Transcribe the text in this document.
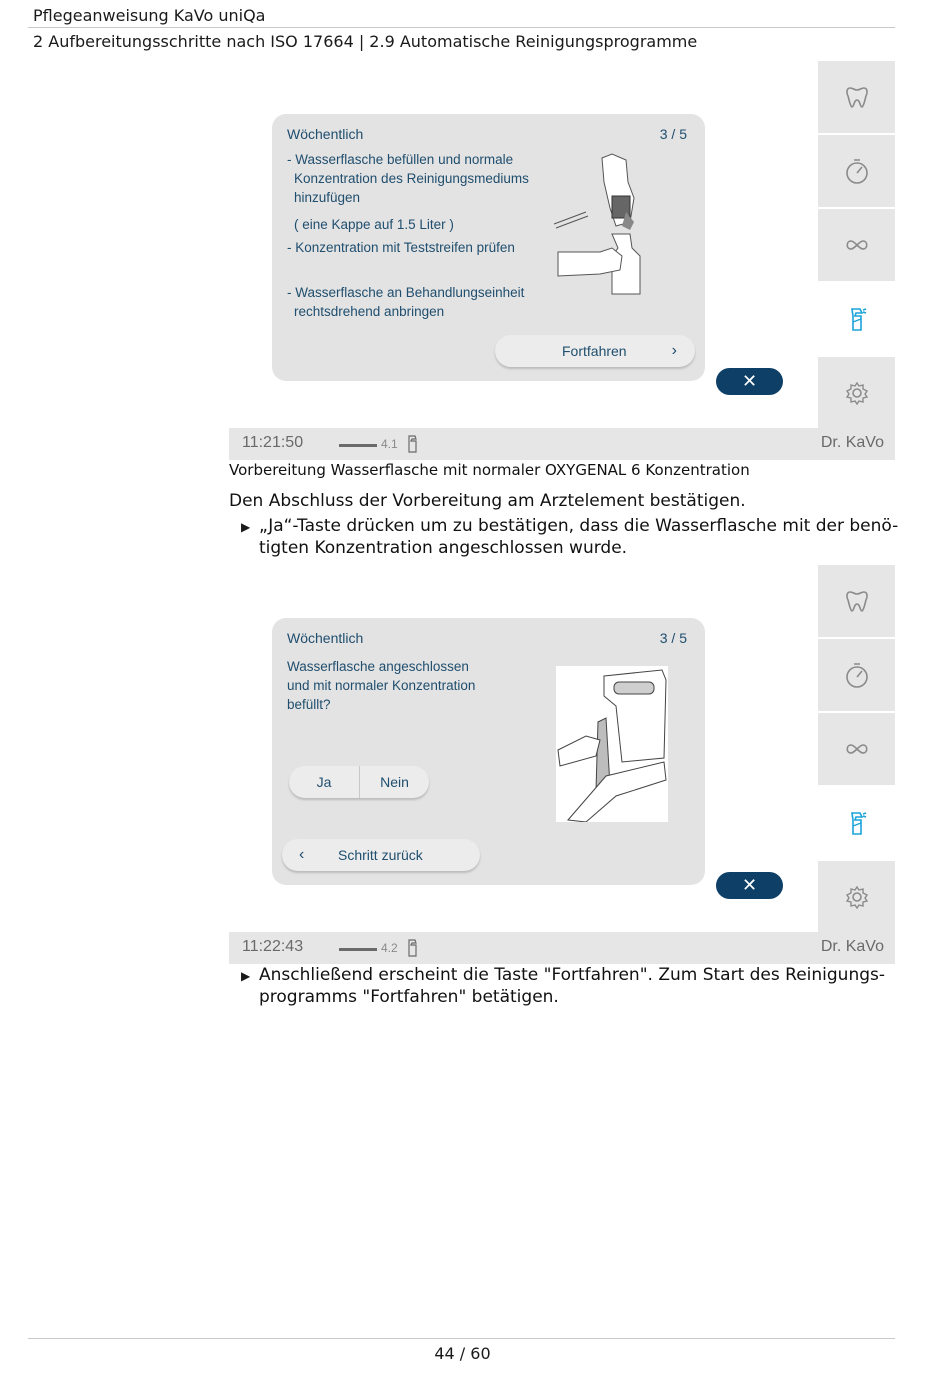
Pflegeanweisung KaVo uniQa
2 Aufbereitungsschritte nach ISO 17664 | 2.9 Automatische Reinigungsprogramme
Wöchentlich	3 / 5
- Wasserflasche befüllen und normale
Konzentration des Reinigungsmediums
hinzufügen
( eine Kappe auf 1.5 Liter )
- Konzentration mit Teststreifen prüfen
- Wasserflasche an Behandlungseinheit
rechtsdrehend anbringen
Fortfahren	›
✕
11:21:50	4.1	Dr. KaVo
Vorbereitung Wasserflasche mit normaler OXYGENAL 6 Konzentration
Den Abschluss der Vorbereitung am Arztelement bestätigen.
▶ „Ja“-Taste drücken um zu bestätigen, dass die Wasserflasche mit der benö-
tigten Konzentration angeschlossen wurde.
Wöchentlich	3 / 5
Wasserflasche angeschlossen
und mit normaler Konzentration
befüllt?
Ja	Nein
‹ Schritt zurück
✕
11:22:43	4.2	Dr. KaVo
▶ Anschließend erscheint die Taste "Fortfahren". Zum Start des Reinigungs-
programms "Fortfahren" betätigen.
44 / 60
